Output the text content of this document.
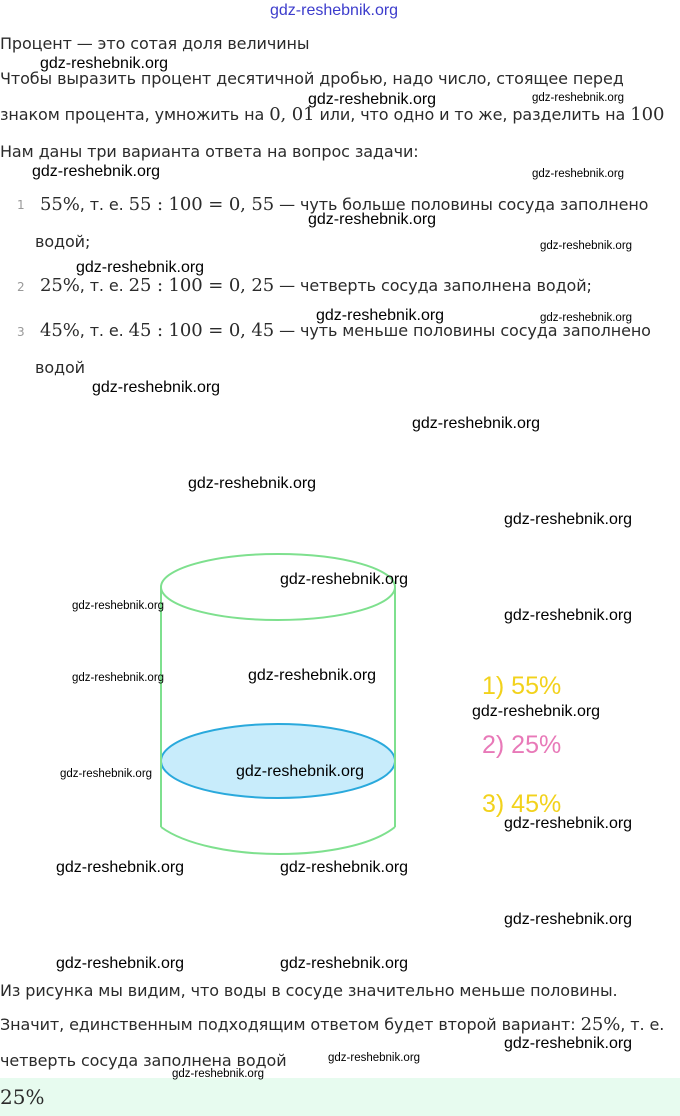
gdz-reshebnik.org
Процент — это сотая доля величины
Чтобы выразить процент десятичной дробью, надо число, стоящее перед
знаком процента, умножить на 0, 01 или, что одно и то же, разделить на 100
Нам даны три варианта ответа на вопрос задачи:
1 55%, т. е. 55 : 100 = 0, 55 — чуть больше половины сосуда заполнено
водой;
2 25%, т. е. 25 : 100 = 0, 25 — четверть сосуда заполнена водой;
3 45%, т. е. 45 : 100 = 0, 45 — чуть меньше половины сосуда заполнено
водой
1) 55%
2) 25%
3) 45%
Из рисунка мы видим, что воды в сосуде значительно меньше половины.
Значит, единственным подходящим ответом будет второй вариант: 25%, т. е.
четверть сосуда заполнена водой
25%
gdz-reshebnik.org
gdz-reshebnik.org	gdz-reshebnik.org
gdz-reshebnik.org	gdz-reshebnik.org
gdz-reshebnik.org
gdz-reshebnik.org
gdz-reshebnik.org
gdz-reshebnik.org	gdz-reshebnik.org
gdz-reshebnik.org
gdz-reshebnik.org
gdz-reshebnik.org
gdz-reshebnik.org
gdz-reshebnik.org
gdz-reshebnik.org
gdz-reshebnik.org
gdz-reshebnik.org
gdz-reshebnik.org
gdz-reshebnik.org
gdz-reshebnik.org
gdz-reshebnik.org
gdz-reshebnik.org
gdz-reshebnik.org	gdz-reshebnik.org
gdz-reshebnik.org
gdz-reshebnik.org	gdz-reshebnik.org
gdz-reshebnik.org
gdz-reshebnik.org
gdz-reshebnik.org
